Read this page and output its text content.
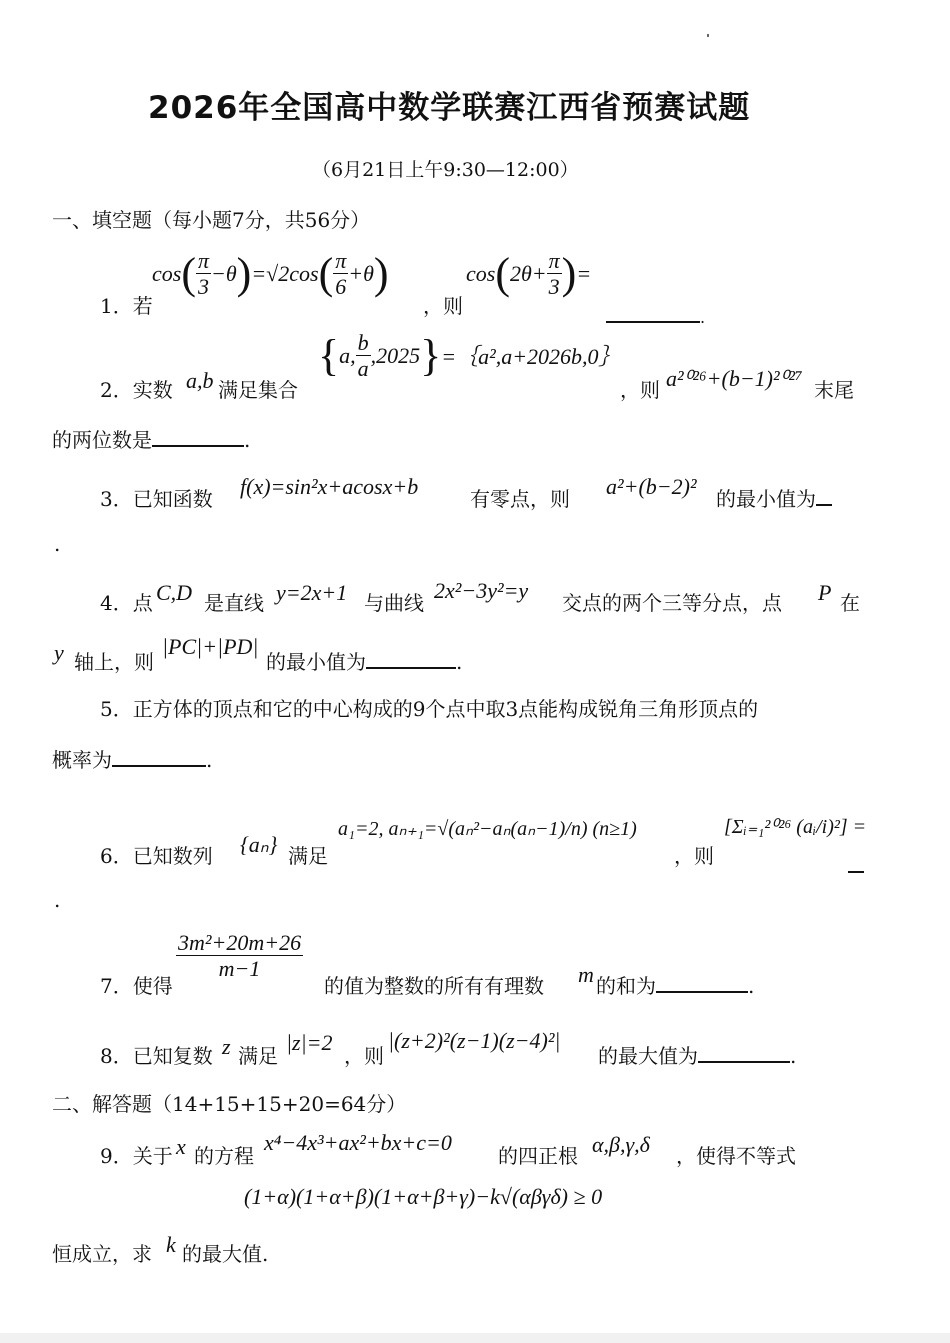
2026年全国高中数学联赛江西省预赛试题
（6月21日上午9:30—12:00）
一、填空题（每小题7分，共56分）
1．若
cos ( $\frac{\pi}{3} -\theta$ ) =√2cos ( $\frac{\pi}{6} +\theta$ )
，则
cos ( $2\theta+ \frac{\pi}{3}$ ) =
.
2．实数 a,b 满足集合
{ a, $\frac{b}{a} ,2025$ } =｛a²,a+2026b,0｝
，则 a²⁰²⁶+(b−1)²⁰²⁷ 末尾
的两位数是	.
3．已知函数 f(x)=sin²x+acosx+b	有零点，则 a²+(b−2)² 的最小值为
.
4．点 C,D 是直线 y=2x+1 与曲线 2x²−3y²=y 交点的两个三等分点，点 P 在
y 轴上，则
|PC|+|PD|
的最小值为	.
5．正方体的顶点和它的中心构成的9个点中取3点能构成锐角三角形顶点的
概率为	.
6．已知数列 {aₙ} 满足
a₁=2, aₙ₊₁=√(aₙ²−aₙ(aₙ−1)/n) (n≥1)
，则
[Σᵢ₌₁²⁰²⁶ (aᵢ/i)²] =
.
7．使得
$\frac{\text{3m²+20m+26}}{m-1}$
的值为整数的所有有理数 m 的和为	.
8．已知复数 z 满足
|z|=2
，则
|(z+2)²(z−1)(z−4)²|
的最大值为	.
二、解答题（14+15+15+20=64分）
9．关于 x 的方程
x⁴−4x³+ax²+bx+c=0
的四正根 α,β,γ,δ ，使得不等式
(1+α)(1+α+β)(1+α+β+γ)−k√(αβγδ) ≥ 0
恒成立，求 k 的最大值.
